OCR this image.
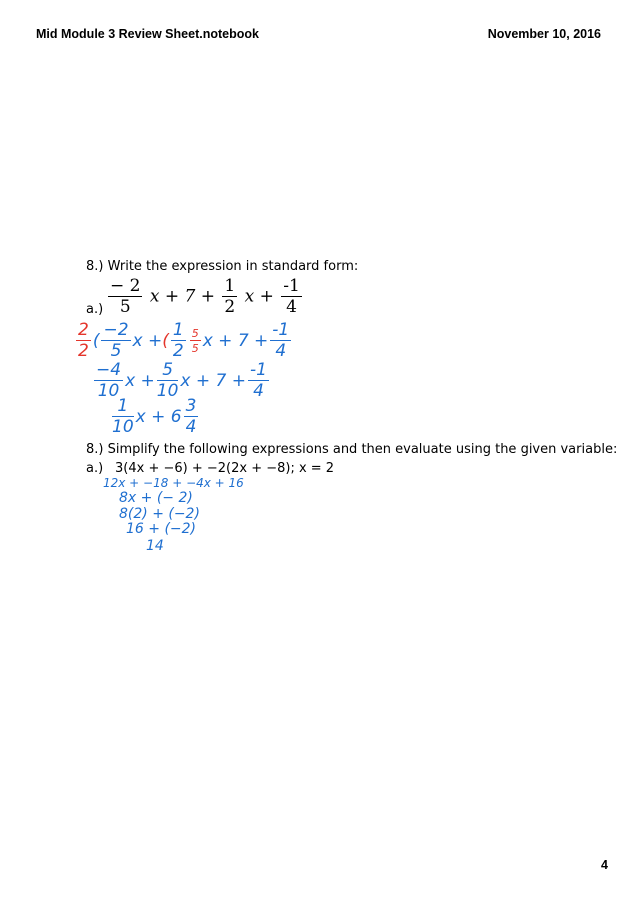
Mid Module 3 Review Sheet.notebook	November 10, 2016
8.) Write the expression in standard form:
$a.) \frac{- 2}{5}$ $x + 7 + \frac{1}{2}$ $x + \frac{-1}{4}$
$\frac{2}{2}$ ( $\frac{-2}{5}$ x +( $\frac{1}{2} \frac{5}{5}$ $x + 7 + \frac{-1}{4}$
$\frac{-4}{10}$ $x + \frac{5}{10}$ $x + 7 + \frac{-1}{4}$
$\frac{1}{10}$ $x + 6 \frac{3}{4}$
8.) Simplify the following expressions and then evaluate using the given variable:
a.) 3(4x + −6) + −2(2x + −8); x = 2
12x + −18 + −4x + 16
8x + (− 2)
8(2) + (−2)
16 + (−2)
14
4
